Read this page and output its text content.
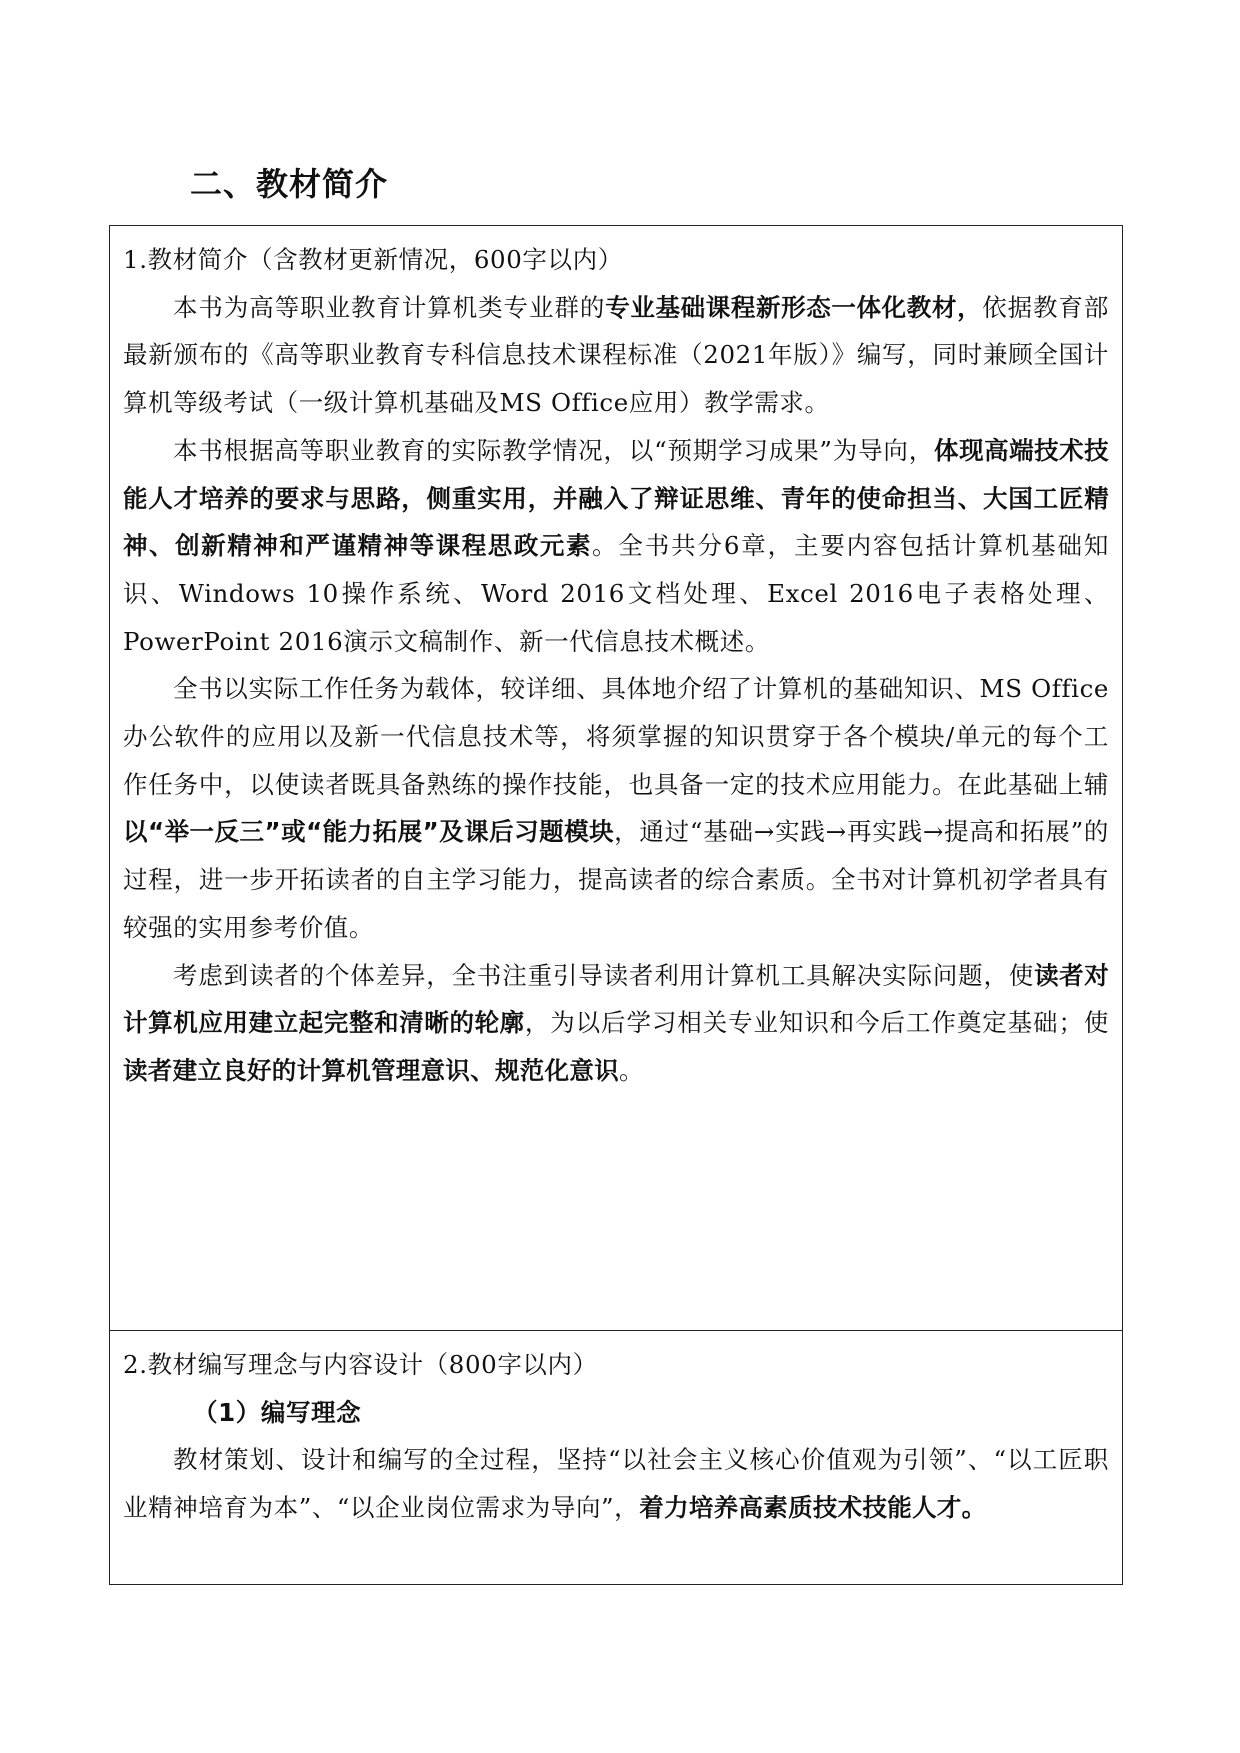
二、教材简介

1.教材简介（含教材更新情况，600字以内）

本书为高等职业教育计算机类专业群的专业基础课程新形态一体化教材，依据教育部最新颁布的《高等职业教育专科信息技术课程标准（2021年版）》编写，同时兼顾全国计算机等级考试（一级计算机基础及MS Office应用）教学需求。

本书根据高等职业教育的实际教学情况，以“预期学习成果”为导向，体现高端技术技能人才培养的要求与思路，侧重实用，并融入了辩证思维、青年的使命担当、大国工匠精神、创新精神和严谨精神等课程思政元素。全书共分6章，主要内容包括计算机基础知识、Windows 10操作系统、Word 2016文档处理、Excel 2016电子表格处理、PowerPoint 2016演示文稿制作、新一代信息技术概述。

全书以实际工作任务为载体，较详细、具体地介绍了计算机的基础知识、MS Office办公软件的应用以及新一代信息技术等，将须掌握的知识贯穿于各个模块/单元的每个工作任务中，以使读者既具备熟练的操作技能，也具备一定的技术应用能力。在此基础上辅以“举一反三”或“能力拓展”及课后习题模块，通过“基础→实践→再实践→提高和拓展”的过程，进一步开拓读者的自主学习能力，提高读者的综合素质。全书对计算机初学者具有较强的实用参考价值。

考虑到读者的个体差异，全书注重引导读者利用计算机工具解决实际问题，使读者对计算机应用建立起完整和清晰的轮廓，为以后学习相关专业知识和今后工作奠定基础；使读者建立良好的计算机管理意识、规范化意识。

2.教材编写理念与内容设计（800字以内）

（1）编写理念

教材策划、设计和编写的全过程，坚持“以社会主义核心价值观为引领”、“以工匠职业精神培育为本”、“以企业岗位需求为导向”，着力培养高素质技术技能人才。
